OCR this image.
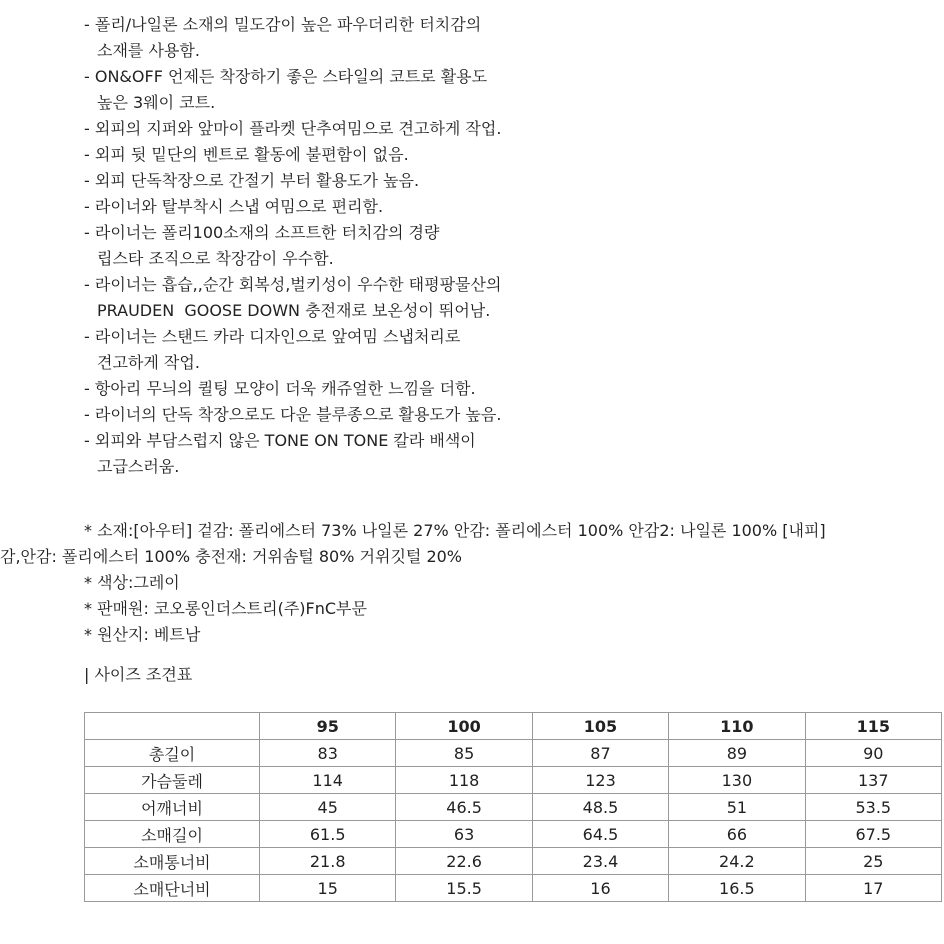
- 폴리/나일론 소재의 밀도감이 높은 파우더리한 터치감의
소재를 사용함.
- ON&OFF 언제든 착장하기 좋은 스타일의 코트로 활용도
높은 3웨이 코트.
- 외피의 지퍼와 앞마이 플라켓 단추여밈으로 견고하게 작업.
- 외피 뒷 밑단의 벤트로 활동에 불편함이 없음.
- 외피 단독착장으로 간절기 부터 활용도가 높음.
- 라이너와 탈부착시 스냅 여밈으로 편리함.
- 라이너는 폴리100소재의 소프트한 터치감의 경량
립스타 조직으로 착장감이 우수함.
- 라이너는 흡습,,순간 회복성,벌키성이 우수한 태평팡물산의
PRAUDEN  GOOSE DOWN 충전재로 보온성이 뛰어남.
- 라이너는 스탠드 카라 디자인으로 앞여밈 스냅처리로
견고하게 작업.
- 항아리 무늬의 퀼팅 모양이 더욱 캐쥬얼한 느낌을 더함.
- 라이너의 단독 착장으로도 다운 블루종으로 활용도가 높음.
- 외피와 부담스럽지 않은 TONE ON TONE 칼라 배색이
고급스러움.
* 소재:[아우터] 겉감: 폴리에스터 73% 나일론 27% 안감: 폴리에스터 100% 안감2: 나일론 100% [내피]
감,안감: 폴리에스터 100% 충전재: 거위솜털 80% 거위깃털 20%
* 색상:그레이
* 판매원: 코오롱인더스트리(주)FnC부문
* 원산지: 베트남
| 사이즈 조견표
	95	100	105	110	115
총길이	83	85	87	89	90
가슴둘레	114	118	123	130	137
어깨너비	45	46.5	48.5	51	53.5
소매길이	61.5	63	64.5	66	67.5
소매통너비	21.8	22.6	23.4	24.2	25
소매단너비	15	15.5	16	16.5	17
